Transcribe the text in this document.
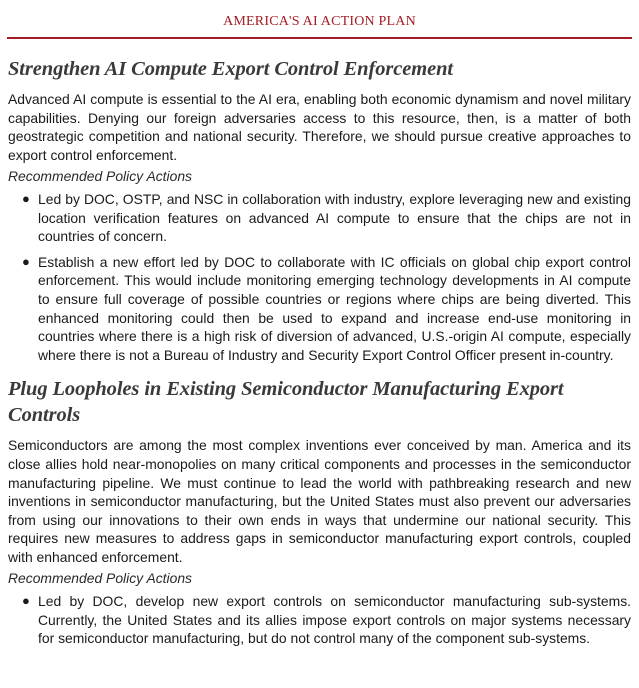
AMERICA'S AI ACTION PLAN
Strengthen AI Compute Export Control Enforcement

Advanced AI compute is essential to the AI era, enabling both economic dynamism and novel military capabilities. Denying our foreign adversaries access to this resource, then, is a matter of both geostrategic competition and national security. Therefore, we should pursue creative approaches to export control enforcement.

Recommended Policy Actions
● Led by DOC, OSTP, and NSC in collaboration with industry, explore leveraging new and existing location verification features on advanced AI compute to ensure that the chips are not in countries of concern.
● Establish a new effort led by DOC to collaborate with IC officials on global chip export control enforcement. This would include monitoring emerging technology developments in AI compute to ensure full coverage of possible countries or regions where chips are being diverted. This enhanced monitoring could then be used to expand and increase end-use monitoring in countries where there is a high risk of diversion of advanced, U.S.-origin AI compute, especially where there is not a Bureau of Industry and Security Export Control Officer present in-country.
Plug Loopholes in Existing Semiconductor Manufacturing Export Controls

Semiconductors are among the most complex inventions ever conceived by man. America and its close allies hold near-monopolies on many critical components and processes in the semiconductor manufacturing pipeline. We must continue to lead the world with pathbreaking research and new inventions in semiconductor manufacturing, but the United States must also prevent our adversaries from using our innovations to their own ends in ways that undermine our national security. This requires new measures to address gaps in semiconductor manufacturing export controls, coupled with enhanced enforcement.

Recommended Policy Actions
● Led by DOC, develop new export controls on semiconductor manufacturing sub-systems. Currently, the United States and its allies impose export controls on major systems necessary for semiconductor manufacturing, but do not control many of the component sub-systems.
